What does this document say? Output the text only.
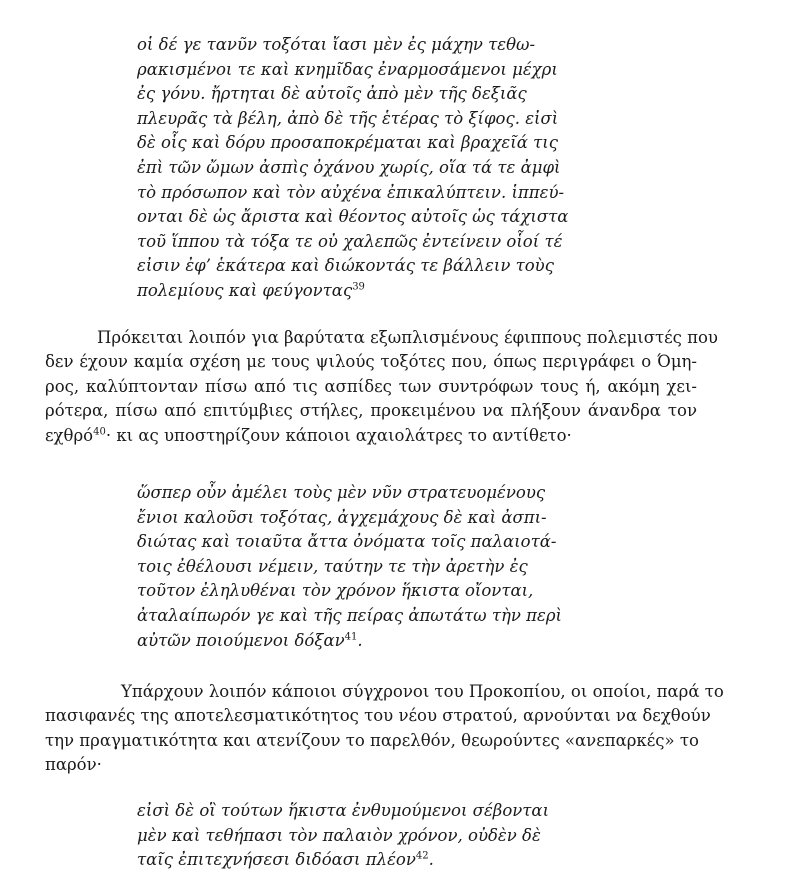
οἱ δέ γε τανῦν τοξόται ἴασι μὲν ἐς μάχην τεθω-
ρακισμένοι τε καὶ κνημῖδας ἐναρμοσάμενοι μέχρι
ἐς γόνυ. ἤρτηται δὲ αὐτοῖς ἀπὸ μὲν τῆς δεξιᾶς
πλευρᾶς τὰ βέλη, ἀπὸ δὲ τῆς ἑτέρας τὸ ξίφος. εἰσὶ
δὲ οἷς καὶ δόρυ προσαποκρέμαται καὶ βραχεῖά τις
ἐπὶ τῶν ὤμων ἀσπὶς ὀχάνου χωρίς, οἵα τά τε ἀμφὶ
τὸ πρόσωπον καὶ τὸν αὐχένα ἐπικαλύπτειν. ἱππεύ-
ονται δὲ ὡς ἄριστα καὶ θέοντος αὐτοῖς ὡς τάχιστα
τοῦ ἵππου τὰ τόξα τε οὐ χαλεπῶς ἐντείνειν οἷοί τέ
εἰσιν ἐφ’ ἑκάτερα καὶ διώκοντάς τε βάλλειν τοὺς
πολεμίους καὶ φεύγοντας$^{39}$
Πρόκειται λοιπόν για βαρύτατα εξωπλισμένους έφιππους πολεμιστές που
δεν έχουν καμία σχέση με τους ψιλούς τοξότες που, όπως περιγράφει ο Όμη-
ρος, καλύπτονταν πίσω από τις ασπίδες των συντρόφων τους ή, ακόμη χει-
ρότερα, πίσω από επιτύμβιες στήλες, προκειμένου να πλήξουν άνανδρα τον
εχθρό$^{40}$· κι ας υποστηρίζουν κάποιοι αχαιολάτρες το αντίθετο·
ὥσπερ οὖν ἀμέλει τοὺς μὲν νῦν στρατευομένους
ἔνιοι καλοῦσι τοξότας, ἀγχεμάχους δὲ καὶ ἀσπι-
διώτας καὶ τοιαῦτα ἄττα ὀνόματα τοῖς παλαιοτά-
τοις ἐθέλουσι νέμειν, ταύτην τε τὴν ἀρετὴν ἐς
τοῦτον ἐληλυθέναι τὸν χρόνον ἥκιστα οἴονται,
ἀταλαίπωρόν γε καὶ τῆς πείρας ἀπωτάτω τὴν περὶ
αὐτῶν ποιούμενοι δόξαν$^{41}$.
Υπάρχουν λοιπόν κάποιοι σύγχρονοι του Προκοπίου, οι οποίοι, παρά το
πασιφανές της αποτελεσματικότητος του νέου στρατού, αρνούνται να δεχθούν
την πραγματικότητα και ατενίζουν το παρελθόν, θεωρούντες «ανεπαρκές» το
παρόν·
εἰσὶ δὲ οἳ τούτων ἥκιστα ἐνθυμούμενοι σέβονται
μὲν καὶ τεθήπασι τὸν παλαιὸν χρόνον, οὐδὲν δὲ
ταῖς ἐπιτεχνήσεσι διδόασι πλέον$^{42}$.
